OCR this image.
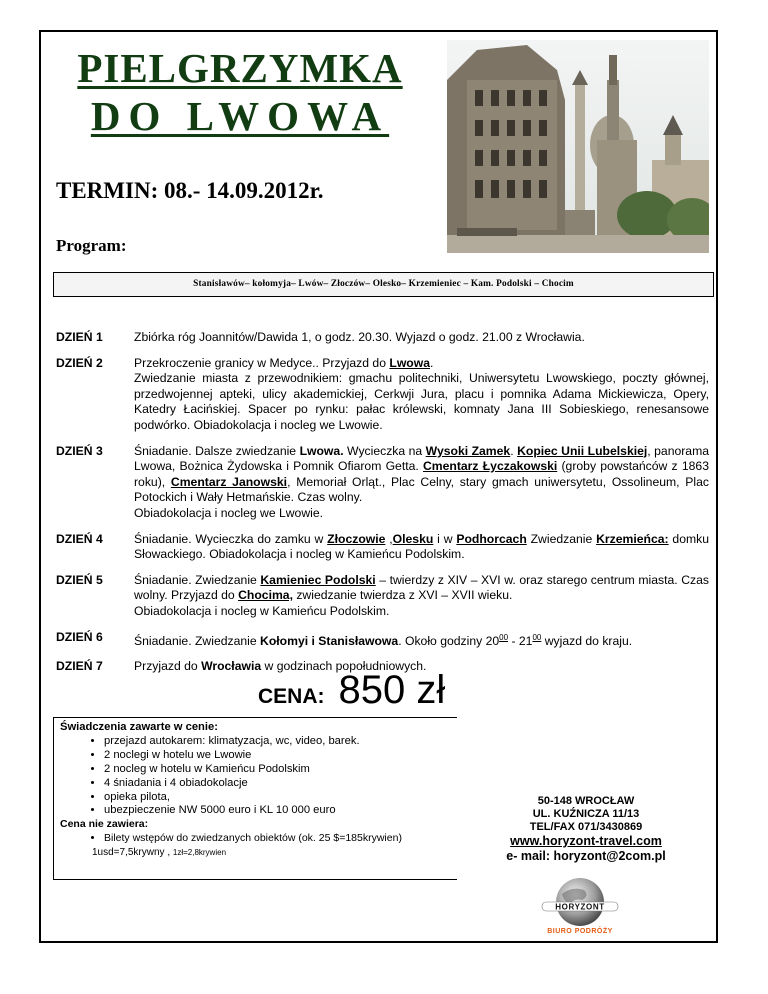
PIELGRZYMKA
DO LWOWA
TERMIN: 08.- 14.09.2012r.
Program:
Stanisławów– kołomyja– Lwów– Złoczów– Olesko– Krzemieniec – Kam. Podolski – Chocim
DZIEŃ 1	Zbiórka róg Joannitów/Dawida 1, o godz. 20.30. Wyjazd o godz. 21.00 z Wrocławia.
DZIEŃ 2	Przekroczenie granicy w Medyce.. Przyjazd do Lwowa.
Zwiedzanie miasta z przewodnikiem: gmachu politechniki, Uniwersytetu Lwowskiego, poczty głównej, przedwojennej apteki, ulicy akademickiej, Cerkwji Jura, placu i pomnika Adama Mickiewicza, Opery, Katedry Łacińskiej. Spacer po rynku: pałac królewski, komnaty Jana III Sobieskiego, renesansowe podwórko. Obiadokolacja i nocleg we Lwowie.
DZIEŃ 3	Śniadanie. Dalsze zwiedzanie Lwowa. Wycieczka na Wysoki Zamek. Kopiec Unii Lubelskiej, panorama Lwowa, Bożnica Żydowska i Pomnik Ofiarom Getta. Cmentarz Łyczakowski (groby powstańców z 1863 roku), Cmentarz Janowski, Memoriał Orląt., Plac Celny, stary gmach uniwersytetu, Ossolineum, Plac Potockich i Wały Hetmańskie. Czas wolny.
Obiadokolacja i nocleg we Lwowie.
DZIEŃ 4	Śniadanie. Wycieczka do zamku w Złoczowie ,Olesku i w Podhorcach Zwiedzanie Krzemieńca: domku Słowackiego. Obiadokolacja i nocleg w Kamieńcu Podolskim.
DZIEŃ 5	Śniadanie. Zwiedzanie Kamieniec Podolski – twierdzy z XIV – XVI w. oraz starego centrum miasta. Czas wolny. Przyjazd do Chocima, zwiedzanie twierdza z XVI – XVII wieku.
Obiadokolacja i nocleg w Kamieńcu Podolskim.
DZIEŃ 6	Śniadanie. Zwiedzanie Kołomyi i Stanisławowa. Około godziny $20^{00} - 21^{00}$ wyjazd do kraju.
DZIEŃ 7	Przyjazd do Wrocławia w godzinach popołudniowych.
CENA: 850 zł
Świadczenia zawarte w cenie:
• przejazd autokarem: klimatyzacja, wc, video, barek.
• 2 noclegi w hotelu we Lwowie
• 2 nocleg w hotelu w Kamieńcu Podolskim
• 4 śniadania i 4 obiadokolacje
• opieka pilota,
• ubezpieczenie NW 5000 euro i KL 10 000 euro
Cena nie zawiera:
• Bilety wstępów do zwiedzanych obiektów (ok. 25 $=185krywien)
1usd=7,5krywny , 1zł=2,8krywien
50-148 WROCŁAW
UL. KUŹNICZA 11/13
TEL/FAX 071/3430869
www.horyzont-travel.com
e- mail: horyzont@2com.pl
HORYZONT
BIURO PODRÓŻY
